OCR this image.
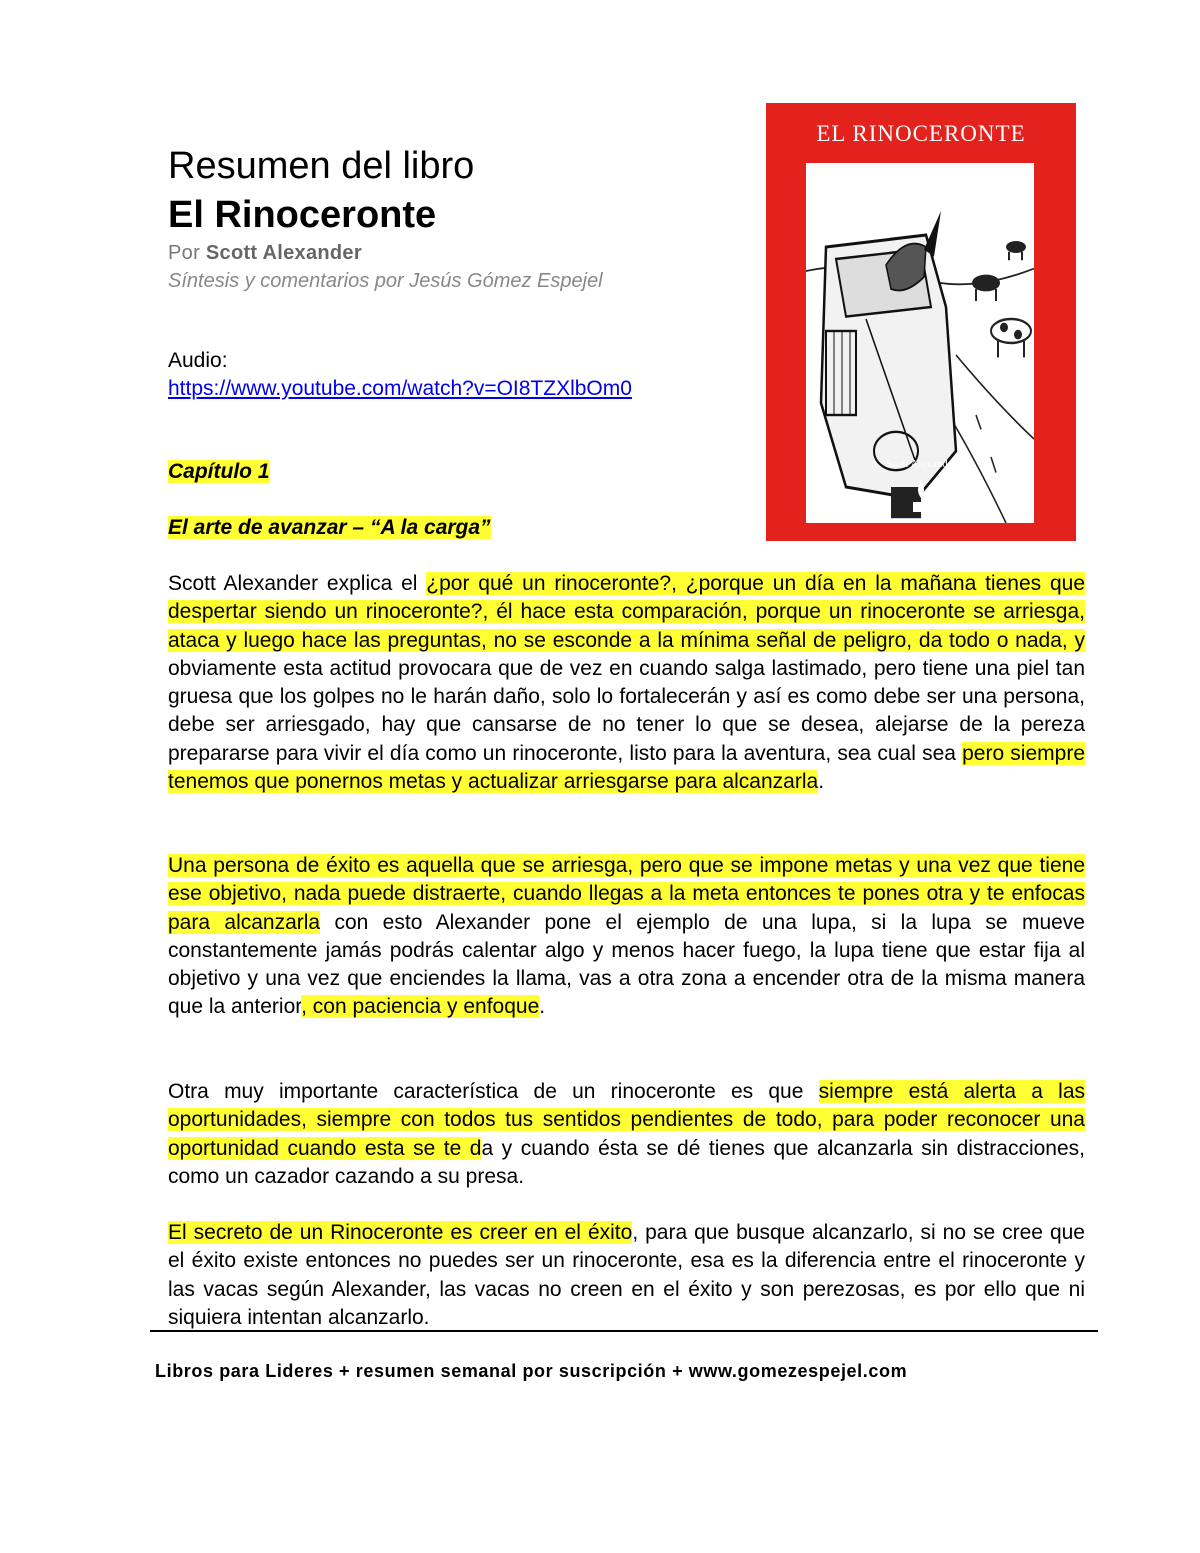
Resumen del libro
El Rinoceronte
Por Scott Alexander
Síntesis y comentarios por Jesús Gómez Espejel
Audio:
https://www.youtube.com/watch?v=OI8TZXlbOm0
Capítulo 1
El arte de avanzar – “A la carga”

Scott Alexander explica el ¿por qué un rinoceronte?, ¿porque un día en la mañana tienes que despertar siendo un rinoceronte?, él hace esta comparación, porque un rinoceronte se arriesga, ataca y luego hace las preguntas, no se esconde a la mínima señal de peligro, da todo o nada, y obviamente esta actitud provocara que de vez en cuando salga lastimado, pero tiene una piel tan gruesa que los golpes no le harán daño, solo lo fortalecerán y así es como debe ser una persona, debe ser arriesgado, hay que cansarse de no tener lo que se desea, alejarse de la pereza prepararse para vivir el día como un rinoceronte, listo para la aventura, sea cual sea pero siempre tenemos que ponernos metas y actualizar arriesgarse para alcanzarla.

Una persona de éxito es aquella que se arriesga, pero que se impone metas y una vez que tiene ese objetivo, nada puede distraerte, cuando llegas a la meta entonces te pones otra y te enfocas para alcanzarla con esto Alexander pone el ejemplo de una lupa, si la lupa se mueve constantemente jamás podrás calentar algo y menos hacer fuego, la lupa tiene que estar fija al objetivo y una vez que enciendes la llama, vas a otra zona a encender otra de la misma manera que la anterior, con paciencia y enfoque.

Otra muy importante característica de un rinoceronte es que siempre está alerta a las oportunidades, siempre con todos tus sentidos pendientes de todo, para poder reconocer una oportunidad cuando esta se te da y cuando ésta se dé tienes que alcanzarla sin distracciones, como un cazador cazando a su presa.

El secreto de un Rinoceronte es creer en el éxito, para que busque alcanzarlo, si no se cree que el éxito existe entonces no puedes ser un rinoceronte, esa es la diferencia entre el rinoceronte y las vacas según Alexander, las vacas no creen en el éxito y son perezosas, es por ello que ni siquiera intentan alcanzarlo.

EL RINOCERONTE
Scott Alexander
Libros para Lideres + resumen semanal por suscripción + www.gomezespejel.com
